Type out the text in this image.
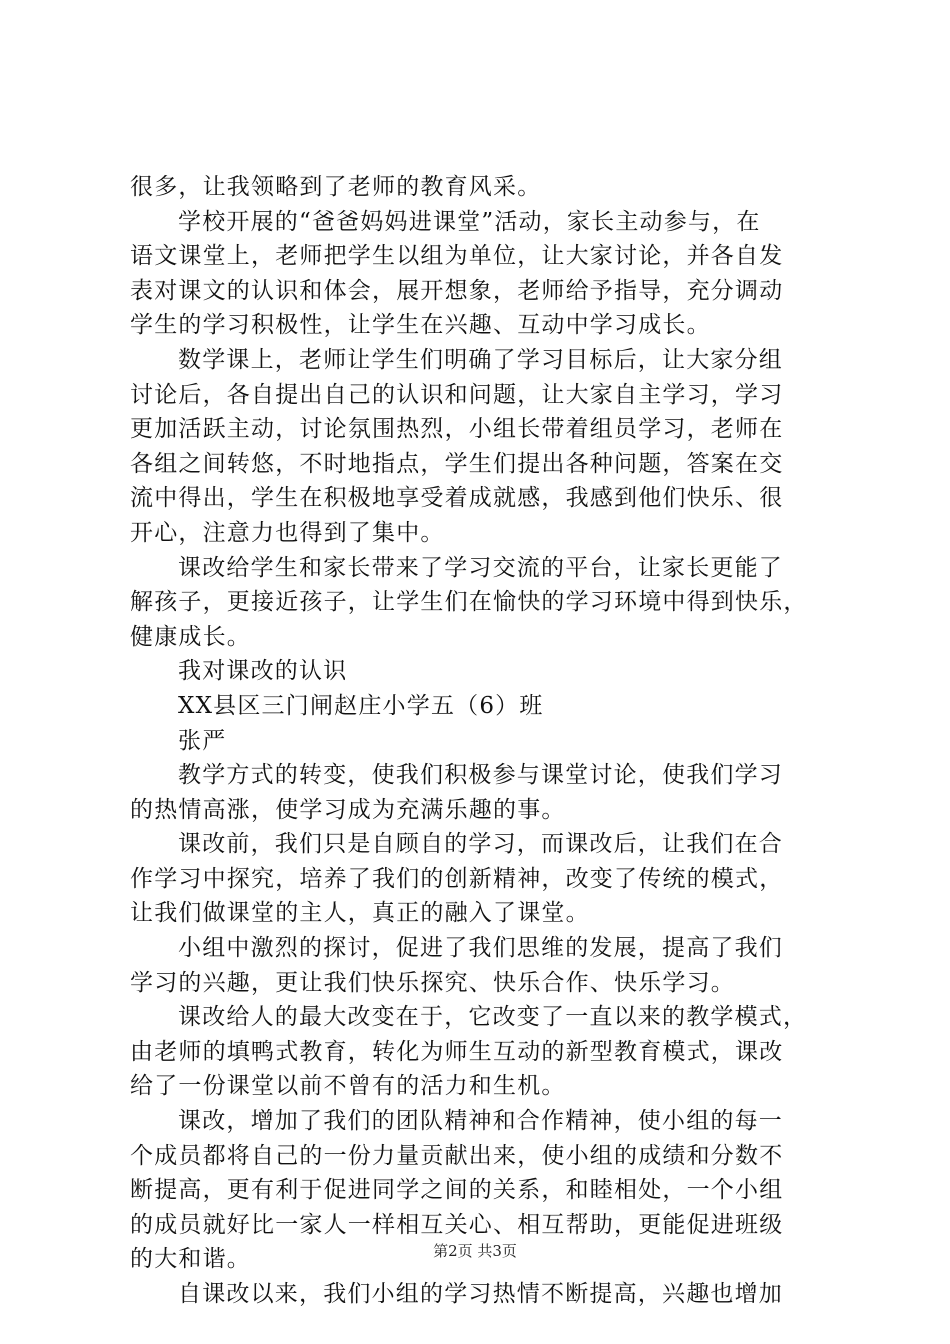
很多，让我领略到了老师的教育风采。
学校开展的“爸爸妈妈进课堂”活动，家长主动参与，在
语文课堂上，老师把学生以组为单位，让大家讨论，并各自发
表对课文的认识和体会，展开想象，老师给予指导，充分调动
学生的学习积极性，让学生在兴趣、互动中学习成长。
数学课上，老师让学生们明确了学习目标后，让大家分组
讨论后，各自提出自己的认识和问题，让大家自主学习，学习
更加活跃主动，讨论氛围热烈，小组长带着组员学习，老师在
各组之间转悠，不时地指点，学生们提出各种问题，答案在交
流中得出，学生在积极地享受着成就感，我感到他们快乐、很
开心，注意力也得到了集中。
课改给学生和家长带来了学习交流的平台，让家长更能了
解孩子，更接近孩子，让学生们在愉快的学习环境中得到快乐，
健康成长。
我对课改的认识
XX县区三门闸赵庄小学五（6）班
张严
教学方式的转变，使我们积极参与课堂讨论，使我们学习
的热情高涨，使学习成为充满乐趣的事。
课改前，我们只是自顾自的学习，而课改后，让我们在合
作学习中探究，培养了我们的创新精神，改变了传统的模式，
让我们做课堂的主人，真正的融入了课堂。
小组中激烈的探讨，促进了我们思维的发展，提高了我们
学习的兴趣，更让我们快乐探究、快乐合作、快乐学习。
课改给人的最大改变在于，它改变了一直以来的教学模式，
由老师的填鸭式教育，转化为师生互动的新型教育模式，课改
给了一份课堂以前不曾有的活力和生机。
课改，增加了我们的团队精神和合作精神，使小组的每一
个成员都将自己的一份力量贡献出来，使小组的成绩和分数不
断提高，更有利于促进同学之间的关系，和睦相处，一个小组
的成员就好比一家人一样相互关心、相互帮助，更能促进班级
的大和谐。
自课改以来，我们小组的学习热情不断提高，兴趣也增加
第2页 共3页
